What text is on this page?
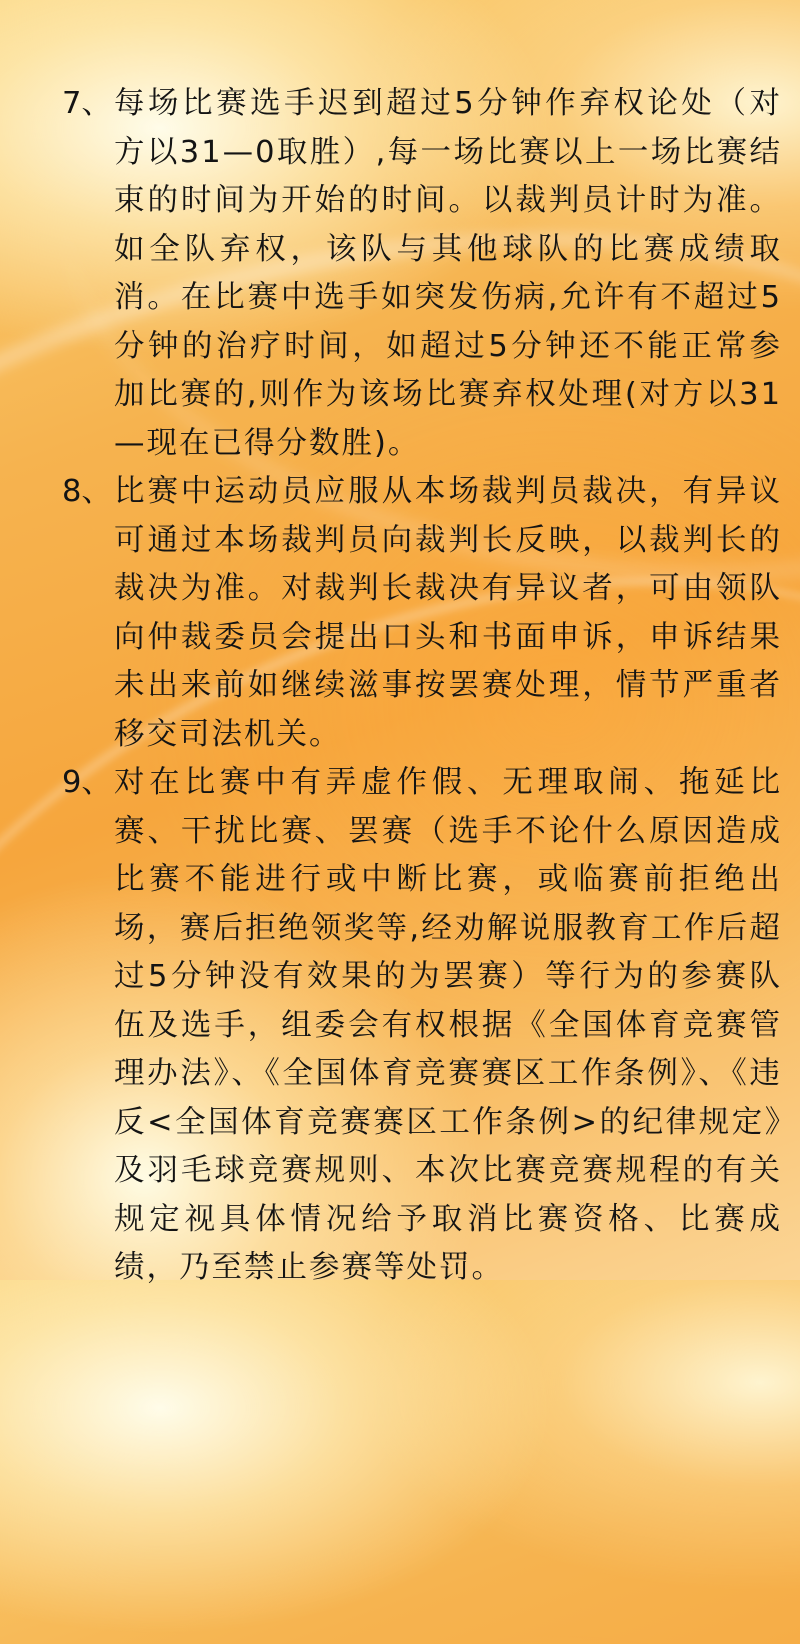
7、 每场比赛选手迟到超过5分钟作弃权论处（对方以31—0取胜）,每一场比赛以上一场比赛结束的时间为开始的时间。以裁判员计时为准。如全队弃权，该队与其他球队的比赛成绩取消。在比赛中选手如突发伤病,允许有不超过5分钟的治疗时间，如超过5分钟还不能正常参加比赛的,则作为该场比赛弃权处理(对方以31—现在已得分数胜)。
8、 比赛中运动员应服从本场裁判员裁决，有异议可通过本场裁判员向裁判长反映，以裁判长的裁决为准。对裁判长裁决有异议者，可由领队向仲裁委员会提出口头和书面申诉，申诉结果未出来前如继续滋事按罢赛处理，情节严重者移交司法机关。
9、 对在比赛中有弄虚作假、无理取闹、拖延比赛、干扰比赛、罢赛（选手不论什么原因造成比赛不能进行或中断比赛，或临赛前拒绝出场，赛后拒绝领奖等,经劝解说服教育工作后超过5分钟没有效果的为罢赛）等行为的参赛队伍及选手，组委会有权根据《全国体育竞赛管理办法》、《全国体育竞赛赛区工作条例》、《违反<全国体育竞赛赛区工作条例>的纪律规定》及羽毛球竞赛规则、本次比赛竞赛规程的有关规定视具体情况给予取消比赛资格、比赛成绩，乃至禁止参赛等处罚。
